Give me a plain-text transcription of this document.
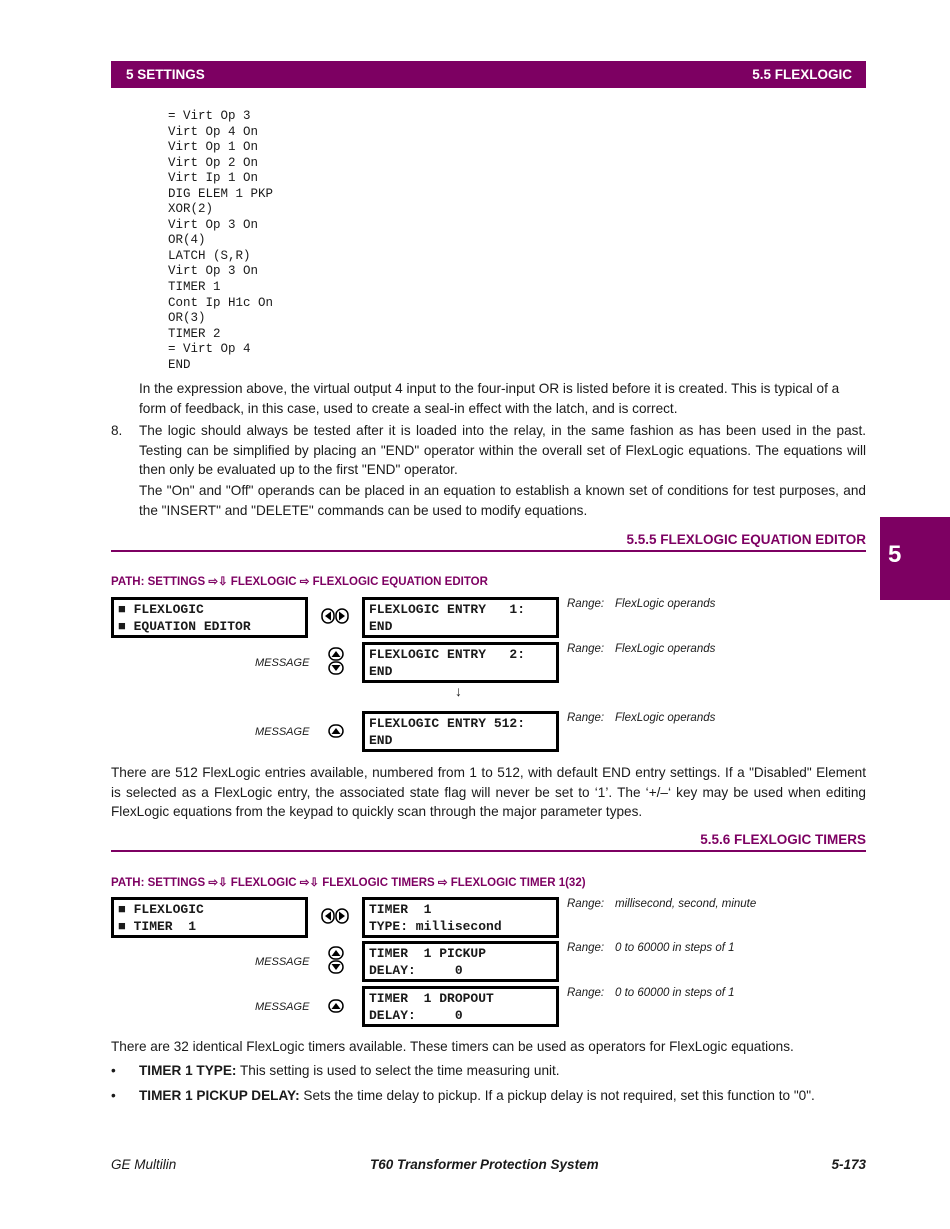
5 SETTINGS	5.5 FLEXLOGIC
= Virt Op 3
Virt Op 4 On
Virt Op 1 On
Virt Op 2 On
Virt Ip 1 On
DIG ELEM 1 PKP
XOR(2)
Virt Op 3 On
OR(4)
LATCH (S,R)
Virt Op 3 On
TIMER 1
Cont Ip H1c On
OR(3)
TIMER 2
= Virt Op 4
END
In the expression above, the virtual output 4 input to the four-input OR is listed before it is created. This is typical of a form of feedback, in this case, used to create a seal-in effect with the latch, and is correct.
8. The logic should always be tested after it is loaded into the relay, in the same fashion as has been used in the past. Testing can be simplified by placing an "END" operator within the overall set of FlexLogic equations. The equations will then only be evaluated up to the first "END" operator.
The "On" and "Off" operands can be placed in an equation to establish a known set of conditions for test purposes, and the "INSERT" and "DELETE" commands can be used to modify equations.
5
5.5.5 FLEXLOGIC EQUATION EDITOR
PATH: SETTINGS ⇨⇩ FLEXLOGIC ⇨ FLEXLOGIC EQUATION EDITOR
■ FLEXLOGIC
■ EQUATION EDITOR
FLEXLOGIC ENTRY   1:
END
Range: FlexLogic operands
FLEXLOGIC ENTRY   2:
END
Range: FlexLogic operands
MESSAGE
FLEXLOGIC ENTRY 512:
END
Range: FlexLogic operands
MESSAGE
↓
There are 512 FlexLogic entries available, numbered from 1 to 512, with default END entry settings. If a "Disabled" Element is selected as a FlexLogic entry, the associated state flag will never be set to ‘1’. The ‘+/–‘ key may be used when editing FlexLogic equations from the keypad to quickly scan through the major parameter types.
5.5.6 FLEXLOGIC TIMERS
PATH: SETTINGS ⇨⇩ FLEXLOGIC ⇨⇩ FLEXLOGIC TIMERS ⇨ FLEXLOGIC TIMER 1(32)
■ FLEXLOGIC
■ TIMER  1
TIMER  1
TYPE: millisecond
Range: millisecond, second, minute
TIMER  1 PICKUP
DELAY:     0
Range: 0 to 60000 in steps of 1
MESSAGE
TIMER  1 DROPOUT
DELAY:     0
Range: 0 to 60000 in steps of 1
MESSAGE
There are 32 identical FlexLogic timers available. These timers can be used as operators for FlexLogic equations.
• TIMER 1 TYPE: This setting is used to select the time measuring unit.
• TIMER 1 PICKUP DELAY: Sets the time delay to pickup. If a pickup delay is not required, set this function to "0".
GE Multilin	T60 Transformer Protection System	5-173
